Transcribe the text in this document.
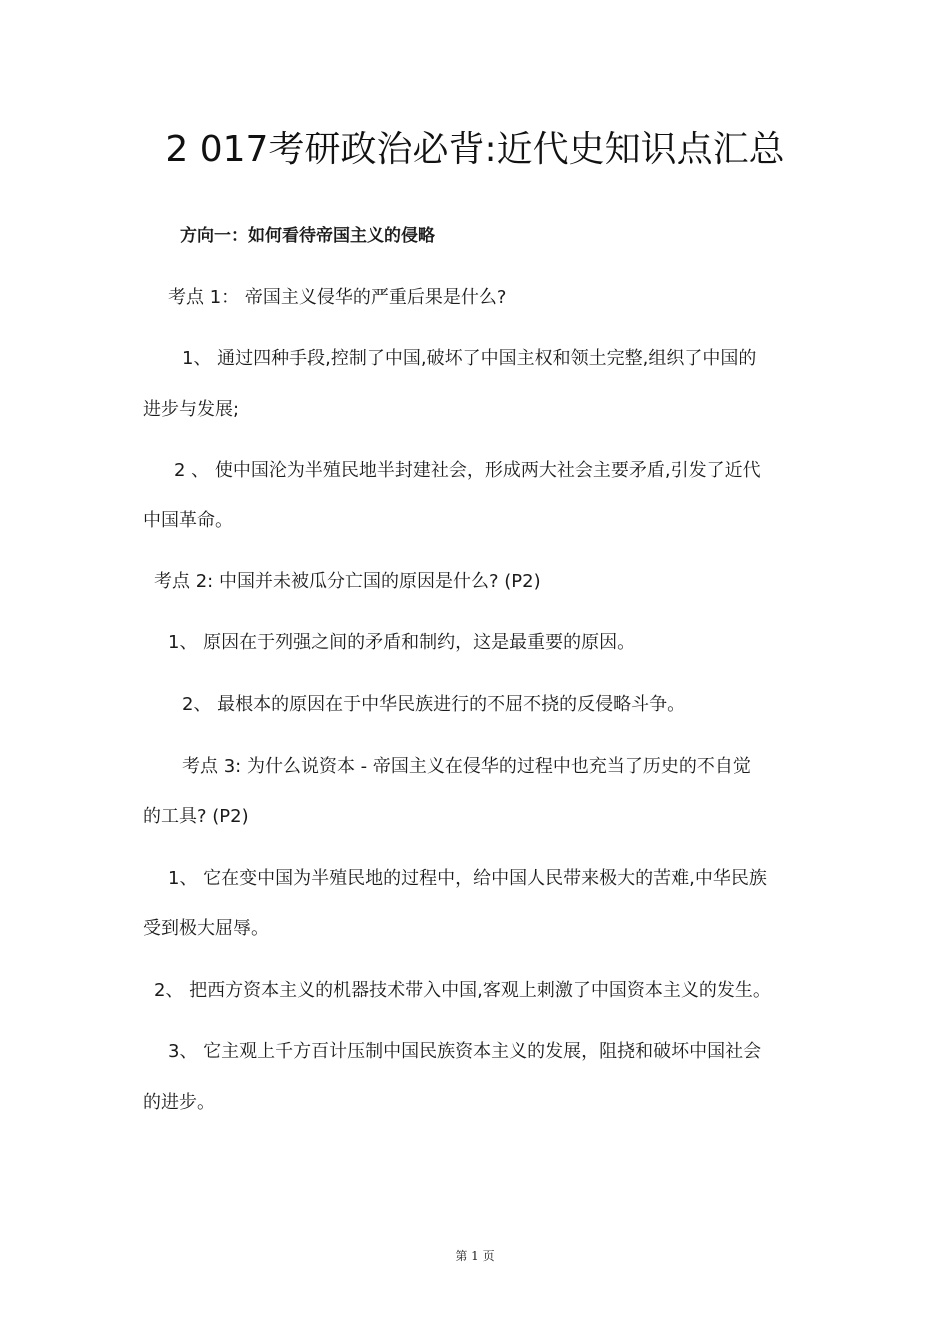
2 017考研政治必背:近代史知识点汇总
方向一：如何看待帝国主义的侵略
考点 1： 帝国主义侵华的严重后果是什么?
1、 通过四种手段,控制了中国,破坏了中国主权和领土完整,组织了中国的
进步与发展;
2 、 使中国沦为半殖民地半封建社会，形成两大社会主要矛盾,引发了近代
中国革命。
考点 2: 中国并未被瓜分亡国的原因是什么? (P2)
1、 原因在于列强之间的矛盾和制约，这是最重要的原因。
2、 最根本的原因在于中华民族进行的不屈不挠的反侵略斗争。
考点 3: 为什么说资本 - 帝国主义在侵华的过程中也充当了历史的不自觉
的工具? (P2)
1、 它在变中国为半殖民地的过程中，给中国人民带来极大的苦难,中华民族
受到极大屈辱。
2、 把西方资本主义的机器技术带入中国,客观上刺激了中国资本主义的发生。
3、 它主观上千方百计压制中国民族资本主义的发展，阻挠和破坏中国社会
的进步。
第 1 页
